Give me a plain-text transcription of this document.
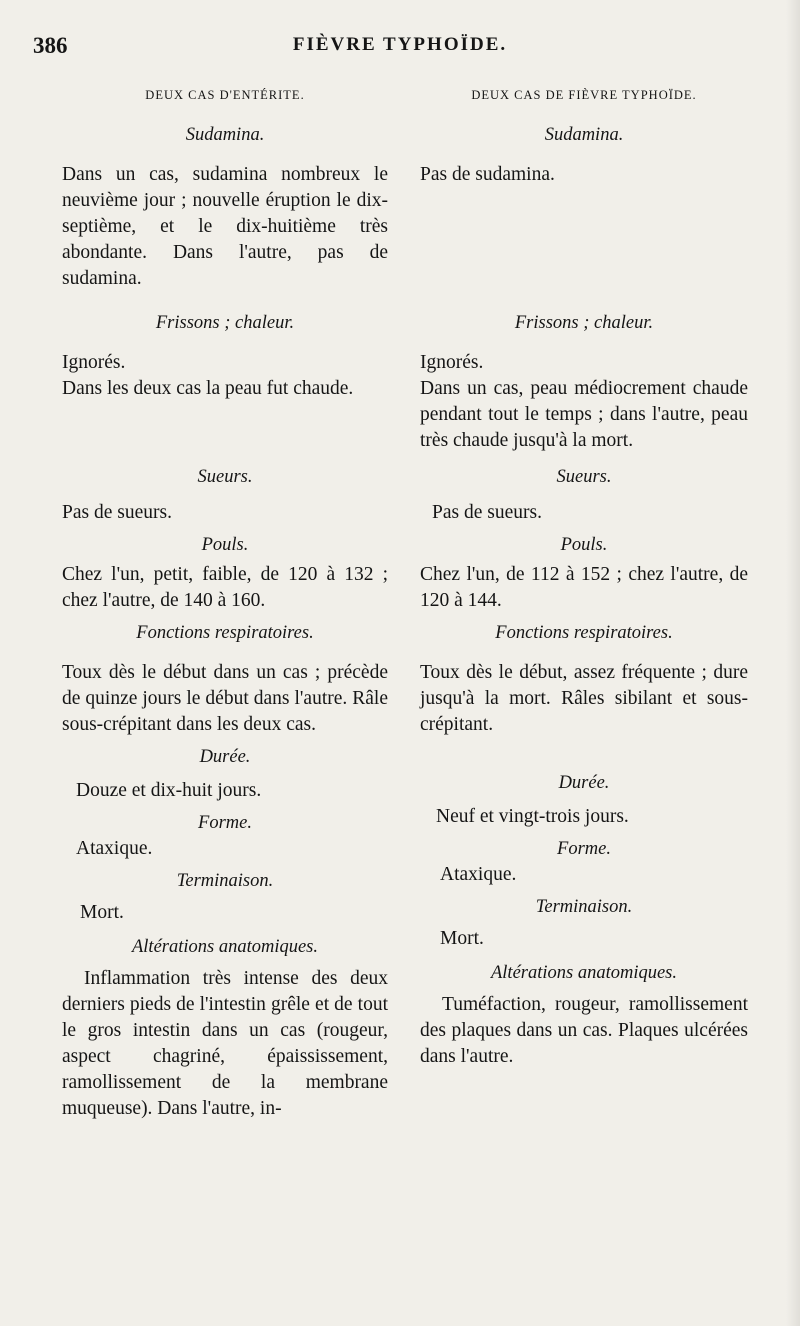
386	FIÈVRE TYPHOÏDE.
DEUX CAS D'ENTÉRITE.
Sudamina.

Dans un cas, sudamina nombreux le neuvième jour ; nouvelle éruption le dix-septième, et le dix-huitième très abondante. Dans l'autre, pas de sudamina.

Frissons ; chaleur.

Ignorés.
Dans les deux cas la peau fut chaude.

Sueurs.

Pas de sueurs.

Pouls.

Chez l'un, petit, faible, de 120 à 132 ; chez l'autre, de 140 à 160.

Fonctions respiratoires.

Toux dès le début dans un cas ; précède de quinze jours le début dans l'autre. Râle sous-crépitant dans les deux cas.

Durée.

Douze et dix-huit jours.

Forme.

Ataxique.

Terminaison.

Mort.

Altérations anatomiques.

Inflammation très intense des deux derniers pieds de l'intestin grêle et de tout le gros intestin dans un cas (rougeur, aspect chagriné, épaississement, ramollissement de la membrane muqueuse). Dans l'autre, in-

DEUX CAS DE FIÈVRE TYPHOÏDE.
Sudamina.

Pas de sudamina.

Frissons ; chaleur.

Ignorés.
Dans un cas, peau médiocrement chaude pendant tout le temps ; dans l'autre, peau très chaude jusqu'à la mort.

Sueurs.

Pas de sueurs.

Pouls.

Chez l'un, de 112 à 152 ; chez l'autre, de 120 à 144.

Fonctions respiratoires.

Toux dès le début, assez fréquente ; dure jusqu'à la mort. Râles sibilant et sous-crépitant.

Durée.

Neuf et vingt-trois jours.

Forme.

Ataxique.

Terminaison.

Mort.

Altérations anatomiques.

Tuméfaction, rougeur, ramollissement des plaques dans un cas. Plaques ulcérées dans l'autre.
